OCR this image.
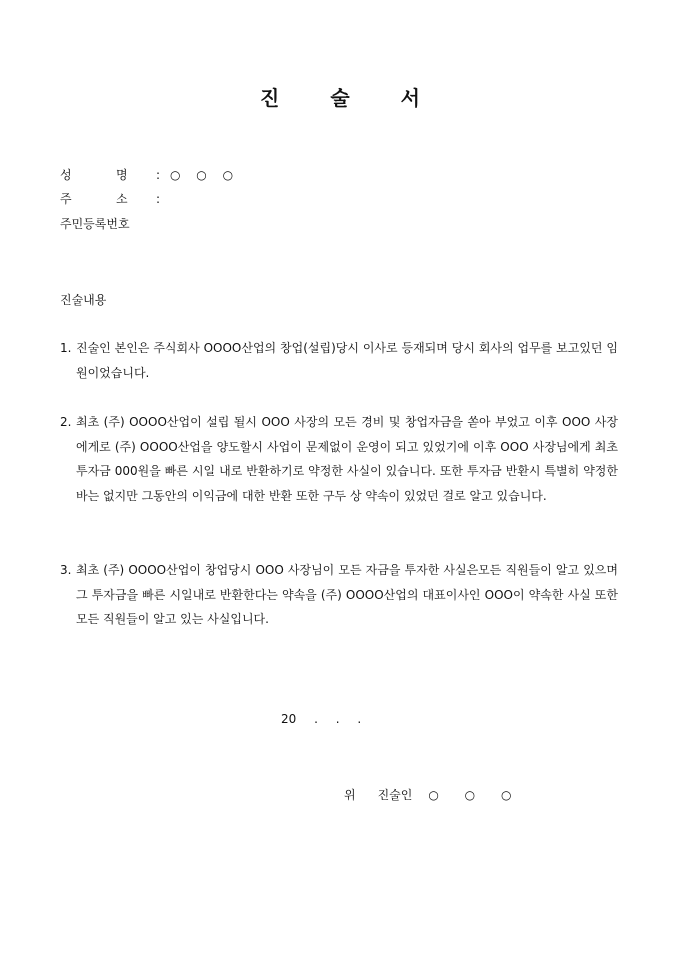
진	술	서
성	명 : ○ ○ ○
주	소 :
주민등록번호
진술내용
1. 진술인 본인은 주식회사 OOOO산업의 창업(설립)당시 이사로 등재되며 당시 회사의 업무를 보고있던 임원이었습니다.
2. 최초 (주) OOOO산업이 설립 될시 OOO 사장의 모든 경비 및 창업자금을 쏟아 부었고 이후 OOO 사장에게로 (주) OOOO산업을 양도할시 사업이 문제없이 운영이 되고 있었기에 이후 OOO 사장님에게 최초 투자금 000원을 빠른 시일 내로 반환하기로 약정한 사실이 있습니다. 또한 투자금 반환시 특별히 약정한 바는 없지만 그동안의 이익금에 대한 반환 또한 구두 상 약속이 있었던 걸로 알고 있습니다.
3. 최초 (주) OOOO산업이 창업당시 OOO 사장님이 모든 자금을 투자한 사실은모든 직원들이 알고 있으며 그 투자금을 빠른 시일내로 반환한다는 약속을 (주) OOOO산업의 대표이사인 OOO이 약속한 사실 또한 모든 직원들이 알고 있는 사실입니다.
20 . . .
위 진술인 ○ ○ ○
